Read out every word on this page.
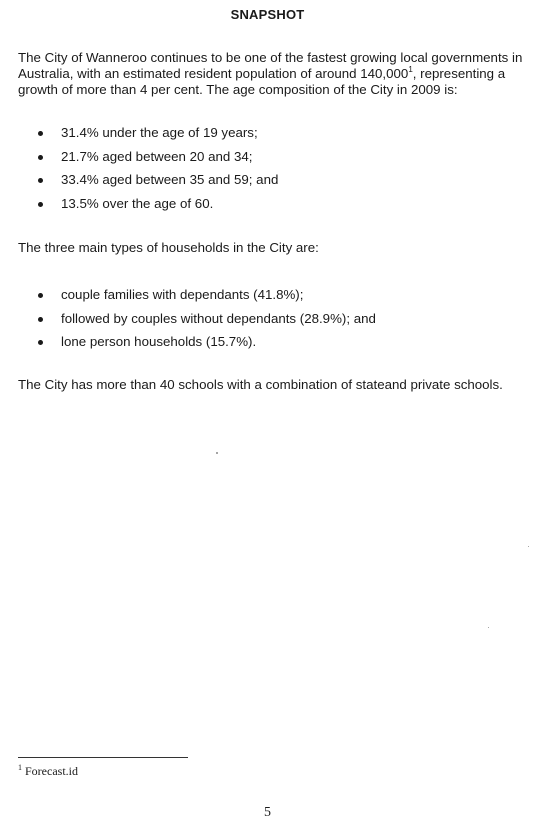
SNAPSHOT
The City of Wanneroo continues to be one of the fastest growing local governments in Australia, with an estimated resident population of around 140,000$^1$, representing a growth of more than 4 per cent. The age composition of the City in 2009 is:
31.4% under the age of 19 years;
21.7% aged between 20 and 34;
33.4% aged between 35 and 59; and
13.5% over the age of 60.
The three main types of households in the City are:
couple families with dependants (41.8%);
followed by couples without dependants (28.9%); and
lone person households (15.7%).
The City has more than 40 schools with a combination of stateand private schools.
$^1$ Forecast.id
5
